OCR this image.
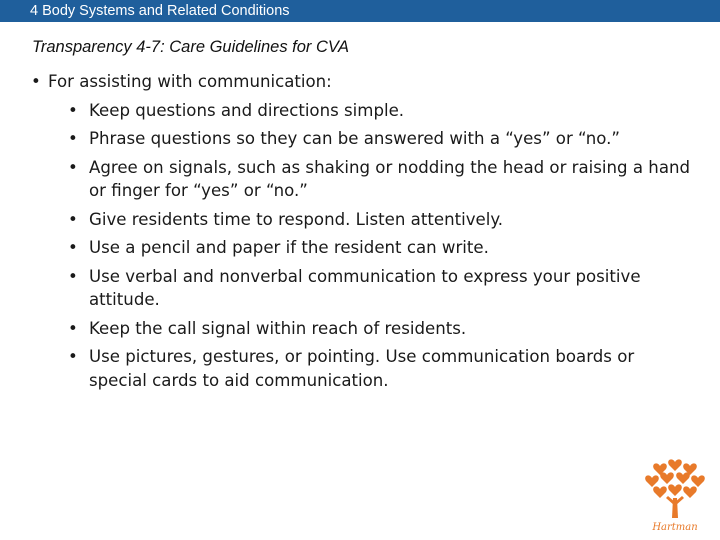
4 Body Systems and Related Conditions
Transparency 4-7: Care Guidelines for CVA
• For assisting with communication:
• Keep questions and directions simple.
• Phrase questions so they can be answered with a “yes” or “no.”
• Agree on signals, such as shaking or nodding the head or raising a hand or finger for “yes” or “no.”
• Give residents time to respond. Listen attentively.
• Use a pencil and paper if the resident can write.
• Use verbal and nonverbal communication to express your positive attitude.
• Keep the call signal within reach of residents.
• Use pictures, gestures, or pointing. Use communication boards or special cards to aid communication.
Hartman
